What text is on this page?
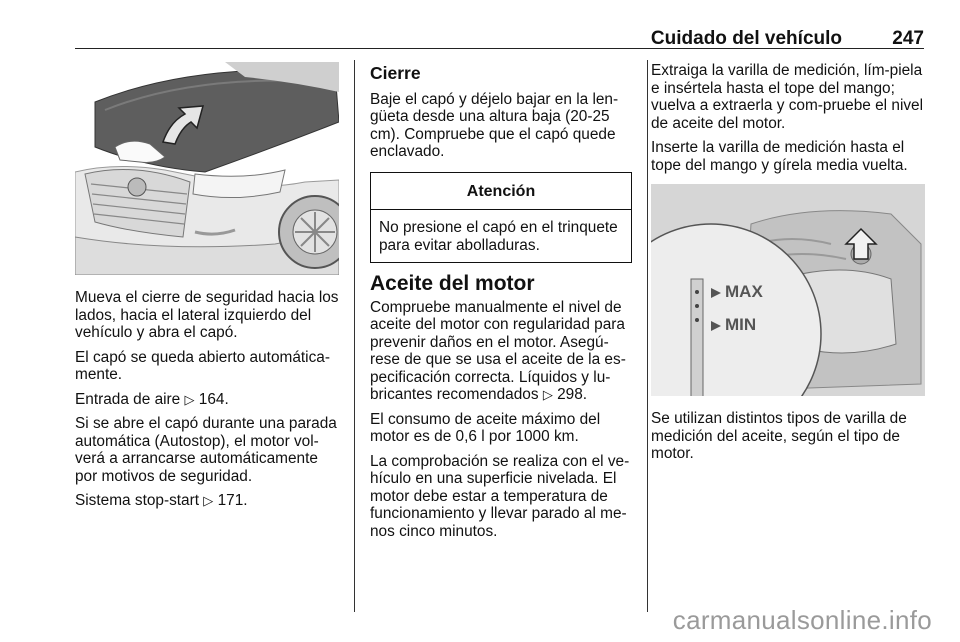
Cuidado del vehículo	247

Mueva el cierre de seguridad hacia los lados, hacia el lateral izquierdo del vehículo y abra el capó.

El capó se queda abierto automática-mente.

Entrada de aire ▷ 164.

Si se abre el capó durante una parada automática (Autostop), el motor vol-verá a arrancarse automáticamente por motivos de seguridad.

Sistema stop-start ▷ 171.

Cierre

Baje el capó y déjelo bajar en la len-güeta desde una altura baja (20-25 cm). Compruebe que el capó quede enclavado.

Atención
No presione el capó en el trinquete para evitar abolladuras.
Aceite del motor

Compruebe manualmente el nivel de aceite del motor con regularidad para prevenir daños en el motor. Asegú-rese de que se usa el aceite de la es-pecificación correcta. Líquidos y lu-bricantes recomendados ▷ 298.

El consumo de aceite máximo del motor es de 0,6 l por 1000 km.

La comprobación se realiza con el ve-hículo en una superficie nivelada. El motor debe estar a temperatura de funcionamiento y llevar parado al me-nos cinco minutos.

Extraiga la varilla de medición, lím-piela e insértela hasta el tope del mango; vuelva a extraerla y com-pruebe el nivel de aceite del motor.

Inserte la varilla de medición hasta el tope del mango y gírela media vuelta.

MAX
MIN

Se utilizan distintos tipos de varilla de medición del aceite, según el tipo de motor.

carmanualsonline.info
